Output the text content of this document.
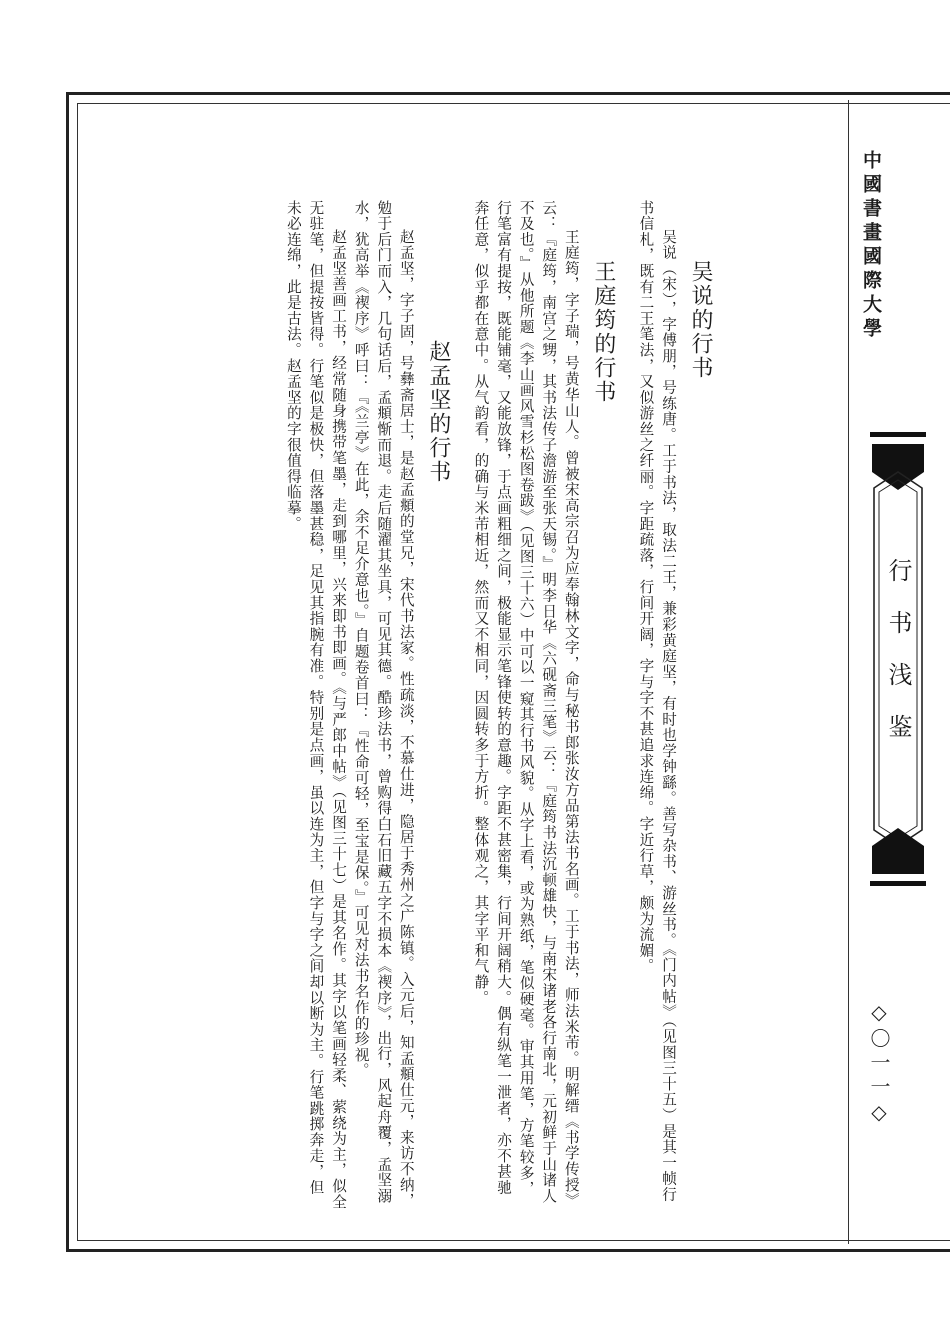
吴说的行书

吴说（宋），字傅朋，号练唐。工于书法，取法二王，兼彩黄庭坚，有时也学钟繇。善写杂书、游丝书。《门内帖》（见图三十五）是其一帧行书信札，既有二王笔法，又似游丝之纤丽。字距疏落，行间开阔，字与字不甚追求连绵。字近行草，颇为流媚。

王庭筠的行书

王庭筠，字子瑞，号黄华山人。曾被宋高宗召为应奉翰林文字，命与秘书郎张汝方品第法书名画。工于书法，师法米芾。明解缙《书学传授》云：『庭筠，南宫之甥，其书法传子澹游至张天锡。』明李日华《六砚斋三笔》云：『庭筠书法沉顿雄快，与南宋诸老各行南北，元初鲜于山诸人不及也。』从他所题《李山画风雪杉松图卷跋》（见图三十六）中可以一窥其行书风貌。从字上看，或为熟纸，笔似硬毫。审其用笔，方笔较多，行笔富有提按，既能铺毫，又能放锋，于点画粗细之间，极能显示笔锋使转的意趣。字距不甚密集，行间开阔稍大。偶有纵笔一泄者，亦不甚驰奔任意，似乎都在意中。从气韵看，的确与米芾相近，然而又不相同，因圆转多于方折。整体观之，其字平和气静。

赵孟坚的行书

赵孟坚，字子固，号彝斋居士，是赵孟頫的堂兄，宋代书法家。性疏淡，不慕仕进，隐居于秀州之广陈镇。入元后，知孟頫仕元，来访不纳，勉于后门而入，几句话后，孟頫惭而退。走后随濯其坐具，可见其德。酷珍法书，曾购得白石旧藏五字不损本《禊序》，出行，风起舟覆，孟坚溺水，犹高举《禊序》呼曰：『《兰亭》在此，余不足介意也。』自题卷首曰：『性命可轻，至宝是保。』可见对法书名作的珍视。

赵孟坚善画工书，经常随身携带笔墨，走到哪里，兴来即书即画。《与严郎中帖》（见图三十七）是其名作。其字以笔画轻柔、萦绕为主，似全无驻笔，但提按皆得。行笔似是极快，但落墨甚稳，足见其指腕有准。特别是点画，虽以连为主，但字与字之间却以断为主。行笔跳掷奔走，但未必连绵，此是古法。赵孟坚的字很值得临摹。	中國書畫國際大學
行书浅鉴
◇〇一一◇
